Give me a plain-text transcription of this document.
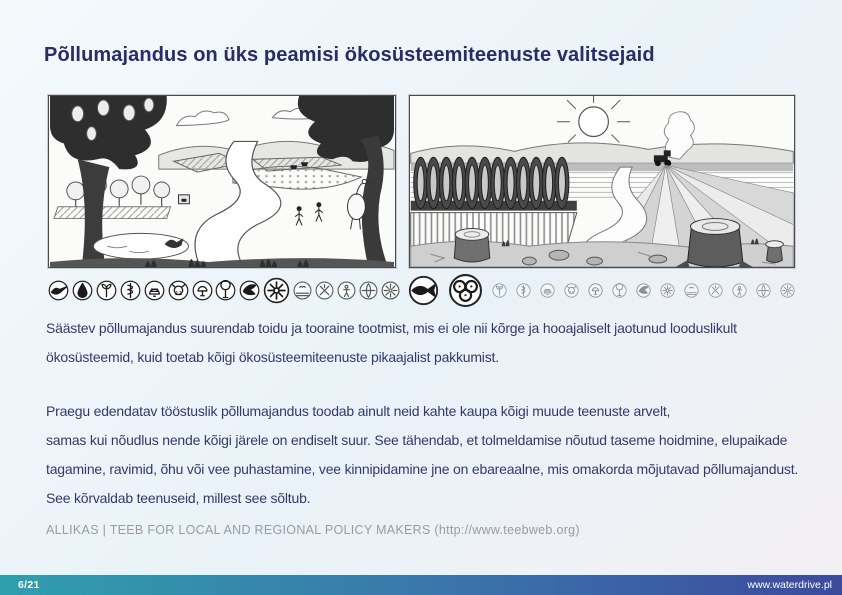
Põllumajandus on üks peamisi ökosüsteemiteenuste valitsejaid
Säästev põllumajandus suurendab toidu ja tooraine tootmist, mis ei ole nii kõrge ja hooajaliselt jaotunud looduslikult
ökosüsteemid, kuid toetab kõigi ökosüsteemiteenuste pikaajalist pakkumist.
Praegu edendatav tööstuslik põllumajandus toodab ainult neid kahte kaupa kõigi muude teenuste arvelt,
samas kui nõudlus nende kõigi järele on endiselt suur. See tähendab, et tolmeldamise nõutud taseme hoidmine, elupaikade
tagamine, ravimid, õhu või vee puhastamine, vee kinnipidamine jne on ebareaalne, mis omakorda mõjutavad põllumajandust.
See kõrvaldab teenuseid, millest see sõltub.
ALLIKAS | TEEB FOR LOCAL AND REGIONAL POLICY MAKERS (http://www.teebweb.org)
6/21	www.waterdrive.pl
